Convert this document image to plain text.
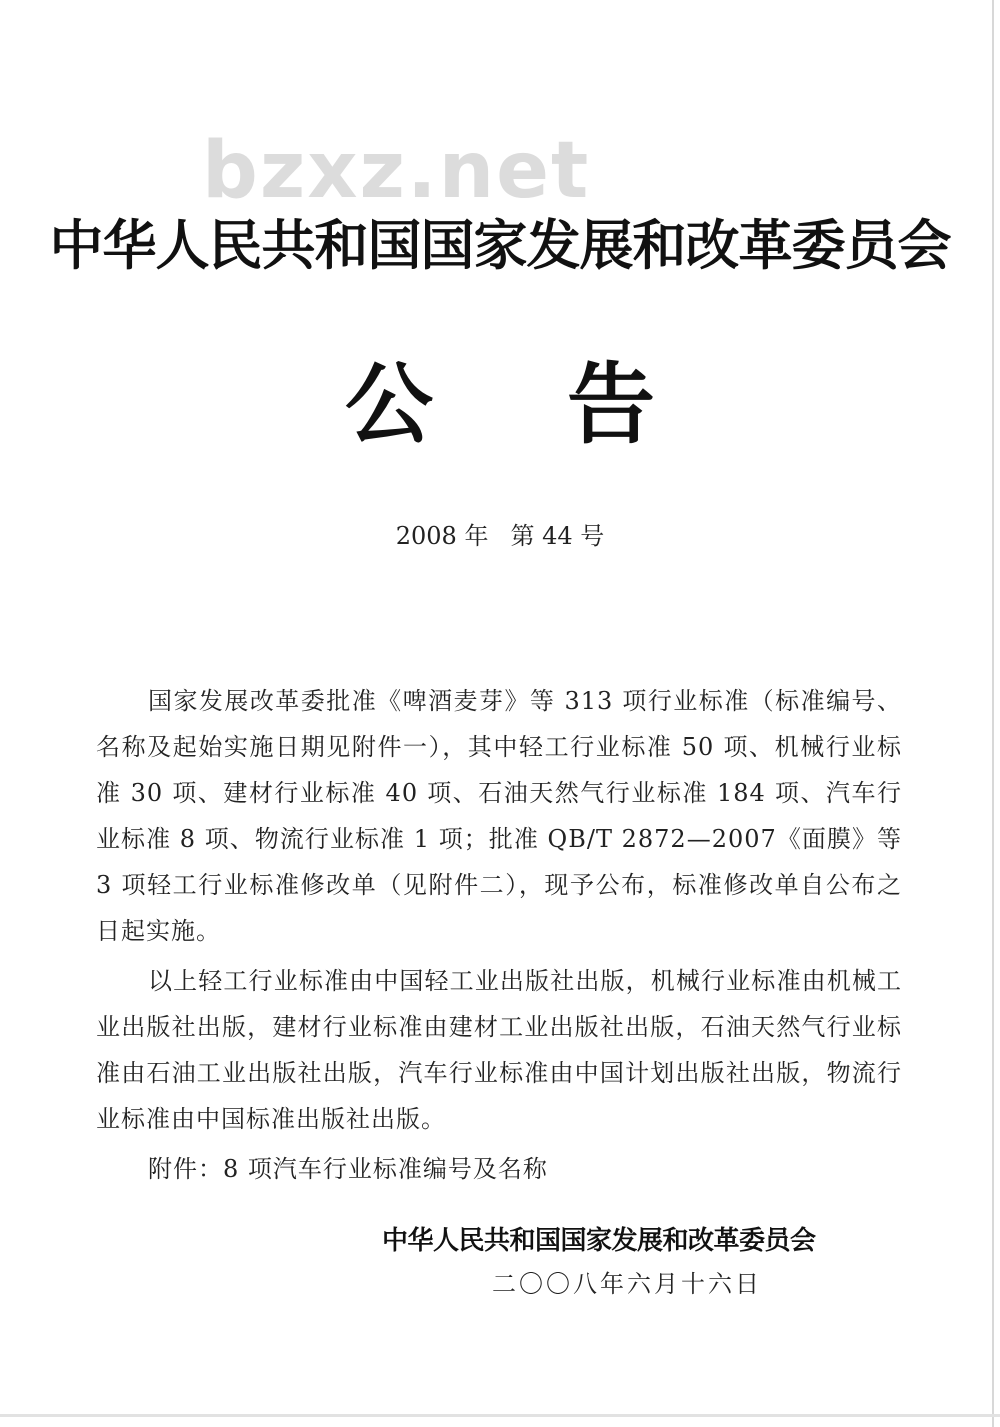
bzxz.net
中华人民共和国国家发展和改革委员会
公 告
2008 年 第 44 号

国家发展改革委批准《啤酒麦芽》等 313 项行业标准（标准编号、名称及起始实施日期见附件一），其中轻工行业标准 50 项、机械行业标准 30 项、建材行业标准 40 项、石油天然气行业标准 184 项、汽车行业标准 8 项、物流行业标准 1 项；批准 QB/T 2872—2007《面膜》等 3 项轻工行业标准修改单（见附件二），现予公布，标准修改单自公布之日起实施。

以上轻工行业标准由中国轻工业出版社出版，机械行业标准由机械工业出版社出版，建材行业标准由建材工业出版社出版，石油天然气行业标准由石油工业出版社出版，汽车行业标准由中国计划出版社出版，物流行业标准由中国标准出版社出版。

附件：8 项汽车行业标准编号及名称

中华人民共和国国家发展和改革委员会
二〇〇八年六月十六日
